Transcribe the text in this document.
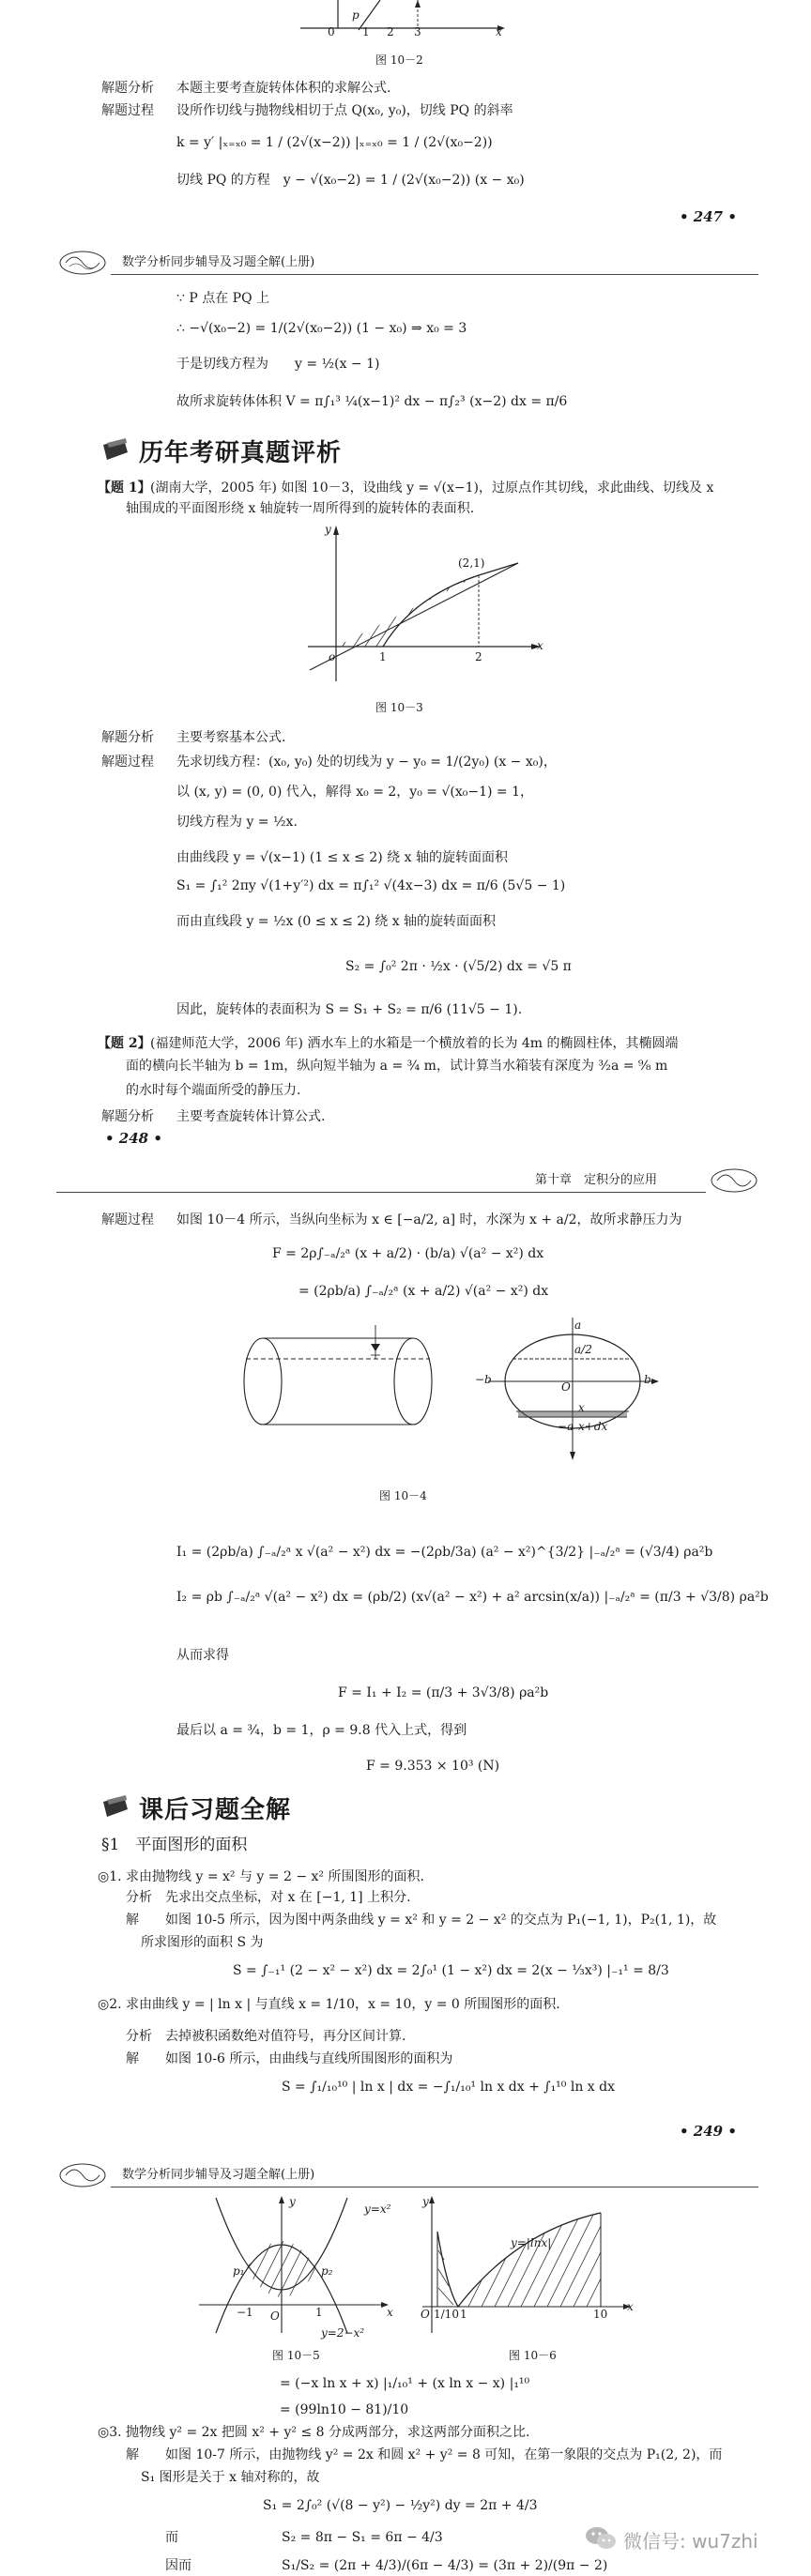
0
p
1 2 3	x
图 10－2
解题分析 本题主要考查旋转体体积的求解公式.
解题过程 设所作切线与抛物线相切于点 Q(x₀, y₀)，切线 PQ 的斜率
k = y′ |ₓ₌ₓ₀ = 1 / (2√(x−2)) |ₓ₌ₓ₀ = 1 / (2√(x₀−2))
切线 PQ 的方程　y − √(x₀−2) = 1 / (2√(x₀−2)) (x − x₀)
• 247 •
数学分析同步辅导及习题全解(上册)
∵ P 点在 PQ 上
∴ −√(x₀−2) = 1/(2√(x₀−2)) (1 − x₀) ⇒ x₀ = 3
于是切线方程为　　y = ½(x − 1)
故所求旋转体体积 V = π∫₁³ ¼(x−1)² dx − π∫₂³ (x−2) dx = π/6
历年考研真题评析
【题 1】 (湖南大学，2005 年) 如图 10－3，设曲线 y = √(x−1)，过原点作其切线，求此曲线、切线及 x
轴围成的平面图形绕 x 轴旋转一周所得到的旋转体的表面积.
y
(2,1)
o	1	2
x
图 10－3
解题分析 主要考察基本公式.
解题过程 先求切线方程：(x₀, y₀) 处的切线为 y − y₀ = 1/(2y₀) (x − x₀)，
以 (x, y) = (0, 0) 代入，解得 x₀ = 2，y₀ = √(x₀−1) = 1，
切线方程为 y = ½x.
由曲线段 y = √(x−1) (1 ≤ x ≤ 2) 绕 x 轴的旋转面面积
S₁ = ∫₁² 2πy √(1+y′²) dx = π∫₁² √(4x−3) dx = π/6 (5√5 − 1)
而由直线段 y = ½x (0 ≤ x ≤ 2) 绕 x 轴的旋转面面积
S₂ = ∫₀² 2π · ½x · (√5/2) dx = √5 π
因此，旋转体的表面积为 S = S₁ + S₂ = π/6 (11√5 − 1).
【题 2】 (福建师范大学，2006 年) 洒水车上的水箱是一个横放着的长为 4m 的椭圆柱体，其椭圆端
面的横向长半轴为 b = 1m，纵向短半轴为 a = ¾ m，试计算当水箱装有深度为 ³⁄₂a = ⁹⁄₈ m
的水时每个端面所受的静压力.
解题分析 主要考查旋转体计算公式.
• 248 •
第十章　定积分的应用
解题过程 如图 10－4 所示，当纵向坐标为 x ∈ [−a/2, a] 时，水深为 x + a/2，故所求静压力为
F = 2ρ∫₋ₐ/₂ᵃ (x + a/2) · (b/a) √(a² − x²) dx
= (2ρb/a) ∫₋ₐ/₂ᵃ (x + a/2) √(a² − x²) dx
a
a/2
O
−b	b
x
x+dx
−a
图 10－4
I₁ = (2ρb/a) ∫₋ₐ/₂ᵃ x √(a² − x²) dx = −(2ρb/3a) (a² − x²)^{3/2} |₋ₐ/₂ᵃ = (√3/4) ρa²b
I₂ = ρb ∫₋ₐ/₂ᵃ √(a² − x²) dx = (ρb/2) (x√(a² − x²) + a² arcsin(x/a)) |₋ₐ/₂ᵃ = (π/3 + √3/8) ρa²b
从而求得
F = I₁ + I₂ = (π/3 + 3√3/8) ρa²b
最后以 a = ¾，b = 1，ρ = 9.8 代入上式，得到
F = 9.353 × 10³ (N)
课后习题全解
§1　平面图形的面积
◎1. 求由抛物线 y = x² 与 y = 2 − x² 所围图形的面积.
分析 先求出交点坐标，对 x 在 [−1, 1] 上积分.
解 如图 10-5 所示，因为图中两条曲线 y = x² 和 y = 2 − x² 的交点为 P₁(−1, 1)，P₂(1, 1)，故
所求图形的面积 S 为
S = ∫₋₁¹ (2 − x² − x²) dx = 2∫₀¹ (1 − x²) dx = 2(x − ⅓x³) |₋₁¹ = 8/3
◎2. 求由曲线 y = | ln x | 与直线 x = 1/10，x = 10，y = 0 所围图形的面积.
分析 去掉被积函数绝对值符号，再分区间计算.
解 如图 10-6 所示，由曲线与直线所围图形的面积为
S = ∫₁/₁₀¹⁰ | ln x | dx = −∫₁/₁₀¹ ln x dx + ∫₁¹⁰ ln x dx
• 249 •
数学分析同步辅导及习题全解(上册)
y
y=x²
p₁	p₂
−1 O	1	x
y=2−x²
图 10－5
y
y=|lnx|
O 1/10 1	10
x
图 10－6
= (−x ln x + x) |₁/₁₀¹ + (x ln x − x) |₁¹⁰
= (99ln10 − 81)/10
◎3. 抛物线 y² = 2x 把圆 x² + y² ≤ 8 分成两部分，求这两部分面积之比.
解 如图 10-7 所示，由抛物线 y² = 2x 和圆 x² + y² = 8 可知，在第一象限的交点为 P₁(2, 2)，而
S₁ 图形是关于 x 轴对称的，故
S₁ = 2∫₀² (√(8 − y²) − ½y²) dy = 2π + 4/3
而	S₂ = 8π − S₁ = 6π − 4/3
因而	S₁/S₂ = (2π + 4/3)/(6π − 4/3) = (3π + 2)/(9π − 2)
微信号: wu7zhi
